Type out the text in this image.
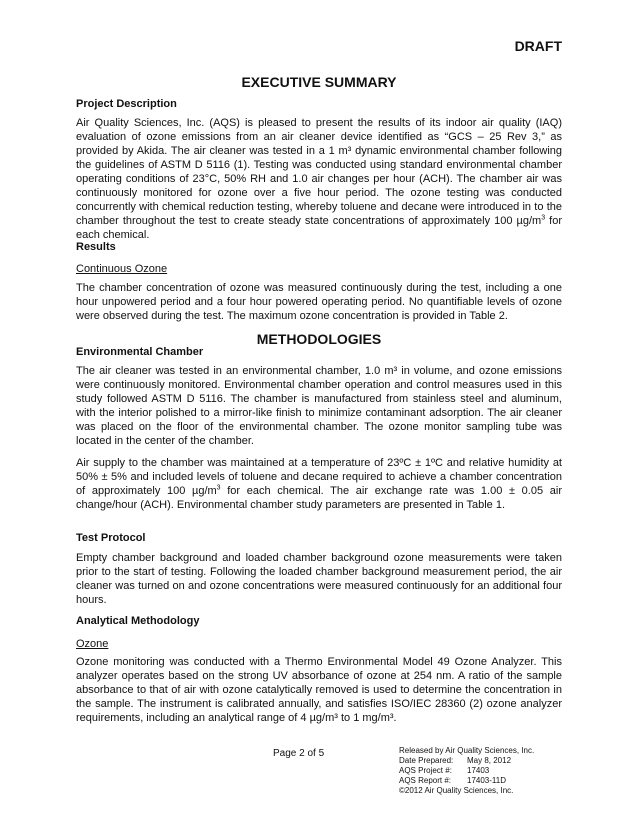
DRAFT
EXECUTIVE SUMMARY
Project Description

Air Quality Sciences, Inc. (AQS) is pleased to present the results of its indoor air quality (IAQ) evaluation of ozone emissions from an air cleaner device identified as “GCS – 25 Rev 3,” as provided by Akida. The air cleaner was tested in a 1 m³ dynamic environmental chamber following the guidelines of ASTM D 5116 (1). Testing was conducted using standard environmental chamber operating conditions of 23°C, 50% RH and 1.0 air changes per hour (ACH). The chamber air was continuously monitored for ozone over a five hour period. The ozone testing was conducted concurrently with chemical reduction testing, whereby toluene and decane were introduced in to the chamber throughout the test to create steady state concentrations of approximately 100 $\mu g/m^3$ for each chemical.

Results
Continuous Ozone

The chamber concentration of ozone was measured continuously during the test, including a one hour unpowered period and a four hour powered operating period. No quantifiable levels of ozone were observed during the test. The maximum ozone concentration is provided in Table 2.

METHODOLOGIES
Environmental Chamber

The air cleaner was tested in an environmental chamber, 1.0 m³ in volume, and ozone emissions were continuously monitored. Environmental chamber operation and control measures used in this study followed ASTM D 5116. The chamber is manufactured from stainless steel and aluminum, with the interior polished to a mirror-like finish to minimize contaminant adsorption. The air cleaner was placed on the floor of the environmental chamber. The ozone monitor sampling tube was located in the center of the chamber.

Air supply to the chamber was maintained at a temperature of 23ºC ± 1ºC and relative humidity at 50% ± 5% and included levels of toluene and decane required to achieve a chamber concentration of approximately 100 $\mu g/m^3$ for each chemical. The air exchange rate was 1.00 ± 0.05 air change/hour (ACH). Environmental chamber study parameters are presented in Table 1.

Test Protocol

Empty chamber background and loaded chamber background ozone measurements were taken prior to the start of testing. Following the loaded chamber background measurement period, the air cleaner was turned on and ozone concentrations were measured continuously for an additional four hours.

Analytical Methodology
Ozone

Ozone monitoring was conducted with a Thermo Environmental Model 49 Ozone Analyzer. This analyzer operates based on the strong UV absorbance of ozone at 254 nm. A ratio of the sample absorbance to that of air with ozone catalytically removed is used to determine the concentration in the sample. The instrument is calibrated annually, and satisfies ISO/IEC 28360 (2) ozone analyzer requirements, including an analytical range of 4 µg/m³ to 1 mg/m³.

Page 2 of 5	Released by Air Quality Sciences, Inc.
Date Prepared:	May 8, 2012
AQS Project #:	17403
AQS Report #:	17403-11D
©2012 Air Quality Sciences, Inc.
